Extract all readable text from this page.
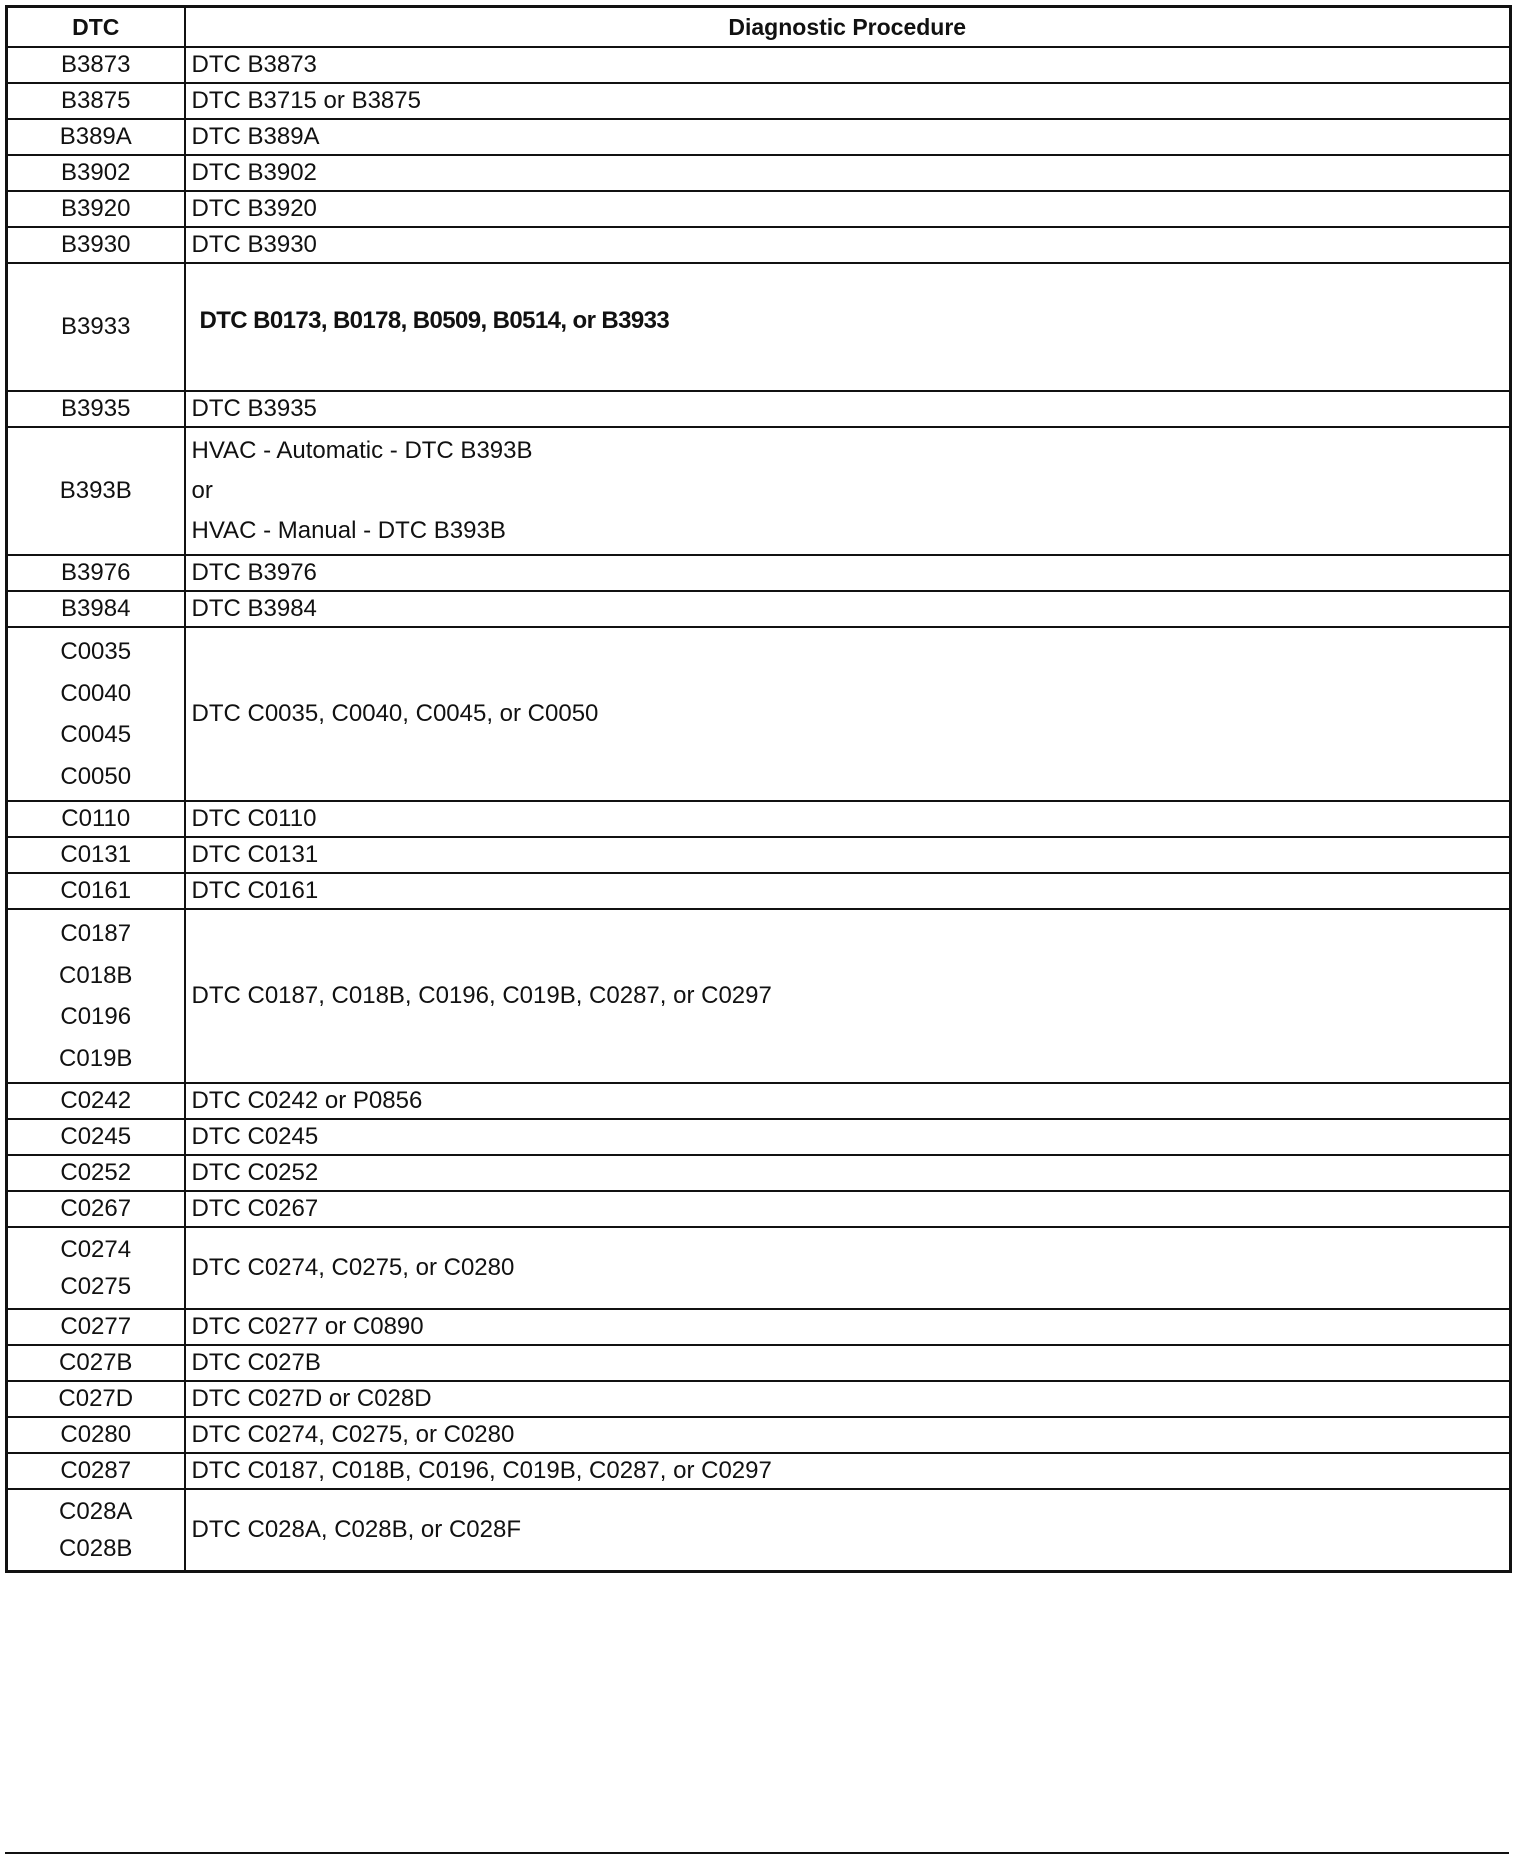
DTC	Diagnostic Procedure

B3873	DTC B3873

B3875	DTC B3715 or B3875

B389A	DTC B389A

B3902	DTC B3902

B3920	DTC B3920

B3930	DTC B3930

B3933	DTC B0173, B0178, B0509, B0514, or B3933

B3935	DTC B3935

B393B	HVAC - Automatic - DTC B393B
or
HVAC - Manual - DTC B393B

B3976	DTC B3976

B3984	DTC B3984

C0035
C0040
C0045
C0050	DTC C0035, C0040, C0045, or C0050

C0110	DTC C0110

C0131	DTC C0131

C0161	DTC C0161

C0187
C018B
C0196
C019B	DTC C0187, C018B, C0196, C019B, C0287, or C0297

C0242	DTC C0242 or P0856

C0245	DTC C0245

C0252	DTC C0252

C0267	DTC C0267

C0274
C0275	DTC C0274, C0275, or C0280

C0277	DTC C0277 or C0890

C027B	DTC C027B

C027D	DTC C027D or C028D

C0280	DTC C0274, C0275, or C0280

C0287	DTC C0187, C018B, C0196, C019B, C0287, or C0297

C028A
C028B	DTC C028A, C028B, or C028F
